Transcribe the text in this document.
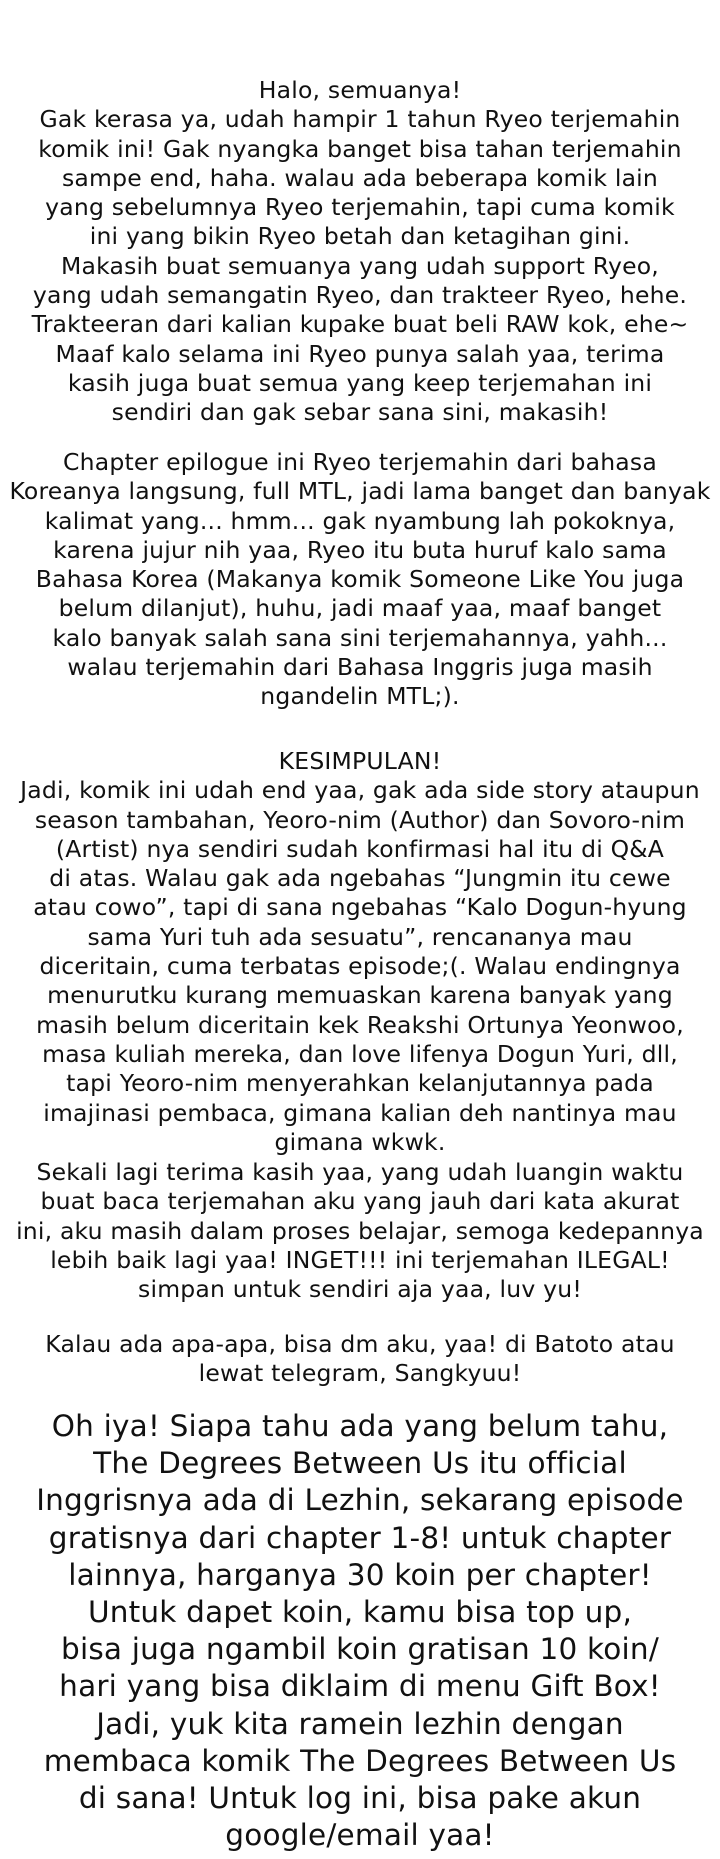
Halo, semuanya!
Gak kerasa ya, udah hampir 1 tahun Ryeo terjemahin
komik ini! Gak nyangka banget bisa tahan terjemahin
sampe end, haha. walau ada beberapa komik lain
yang sebelumnya Ryeo terjemahin, tapi cuma komik
ini yang bikin Ryeo betah dan ketagihan gini.
Makasih buat semuanya yang udah support Ryeo,
yang udah semangatin Ryeo, dan trakteer Ryeo, hehe.
Trakteeran dari kalian kupake buat beli RAW kok, ehe~
Maaf kalo selama ini Ryeo punya salah yaa, terima
kasih juga buat semua yang keep terjemahan ini
sendiri dan gak sebar sana sini, makasih!
Chapter epilogue ini Ryeo terjemahin dari bahasa
Koreanya langsung, full MTL, jadi lama banget dan banyak
kalimat yang... hmm... gak nyambung lah pokoknya,
karena jujur nih yaa, Ryeo itu buta huruf kalo sama
Bahasa Korea (Makanya komik Someone Like You juga
belum dilanjut), huhu, jadi maaf yaa, maaf banget
kalo banyak salah sana sini terjemahannya, yahh...
walau terjemahin dari Bahasa Inggris juga masih
ngandelin MTL;).
KESIMPULAN!
Jadi, komik ini udah end yaa, gak ada side story ataupun
season tambahan, Yeoro-nim (Author) dan Sovoro-nim
(Artist) nya sendiri sudah konfirmasi hal itu di Q&A
di atas. Walau gak ada ngebahas “Jungmin itu cewe
atau cowo”, tapi di sana ngebahas “Kalo Dogun-hyung
sama Yuri tuh ada sesuatu”, rencananya mau
diceritain, cuma terbatas episode;(. Walau endingnya
menurutku kurang memuaskan karena banyak yang
masih belum diceritain kek Reakshi Ortunya Yeonwoo,
masa kuliah mereka, dan love lifenya Dogun Yuri, dll,
tapi Yeoro-nim menyerahkan kelanjutannya pada
imajinasi pembaca, gimana kalian deh nantinya mau
gimana wkwk.
Sekali lagi terima kasih yaa, yang udah luangin waktu
buat baca terjemahan aku yang jauh dari kata akurat
ini, aku masih dalam proses belajar, semoga kedepannya
lebih baik lagi yaa! INGET!!! ini terjemahan ILEGAL!
simpan untuk sendiri aja yaa, luv yu!
Kalau ada apa-apa, bisa dm aku, yaa! di Batoto atau
lewat telegram, Sangkyuu!
Oh iya! Siapa tahu ada yang belum tahu,
The Degrees Between Us itu official
Inggrisnya ada di Lezhin, sekarang episode
gratisnya dari chapter 1-8! untuk chapter
lainnya, harganya 30 koin per chapter!
Untuk dapet koin, kamu bisa top up,
bisa juga ngambil koin gratisan 10 koin/
hari yang bisa diklaim di menu Gift Box!
Jadi, yuk kita ramein lezhin dengan
membaca komik The Degrees Between Us
di sana! Untuk log ini, bisa pake akun
google/email yaa!
